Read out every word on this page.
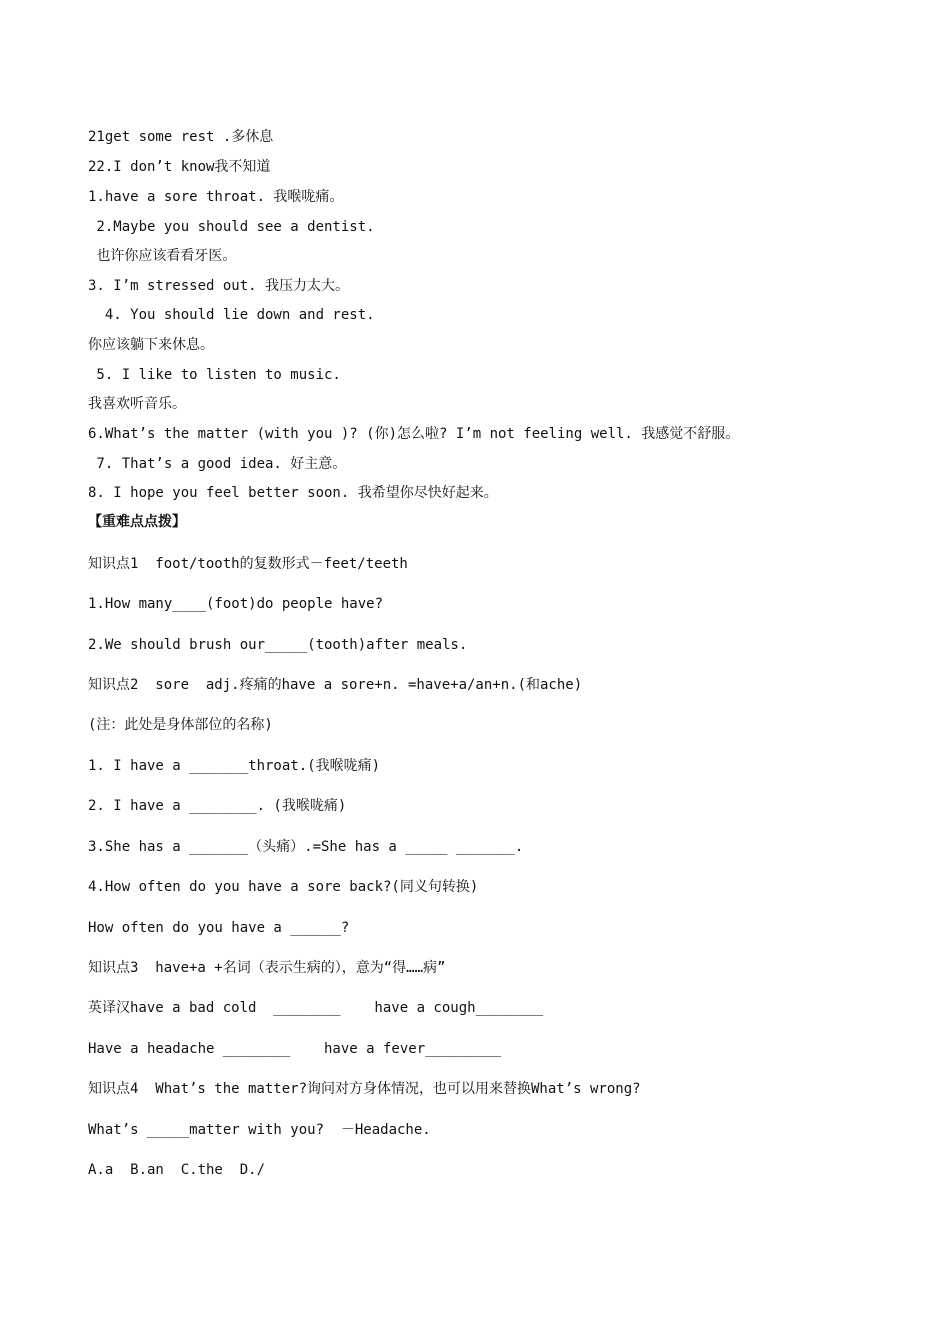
21get some rest .多休息
22.I don’t know我不知道
1.have a sore throat. 我喉咙痛。
2.Maybe you should see a dentist.
也许你应该看看牙医。
3. I’m stressed out. 我压力太大。
4. You should lie down and rest.
你应该躺下来休息。
5. I like to listen to music.
我喜欢听音乐。
6.What’s the matter (with you )? (你)怎么啦? I’m not feeling well. 我感觉不舒服。
7. That’s a good idea. 好主意。
8. I hope you feel better soon. 我希望你尽快好起来。
【重难点点拨】
知识点1  foot/tooth的复数形式－feet/teeth
1.How many____(foot)do people have?
2.We should brush our_____(tooth)after meals.
知识点2  sore  adj.疼痛的have a sore+n. =have+a/an+n.(和ache)
(注：此处是身体部位的名称)
1. I have a _______throat.(我喉咙痛)
2. I have a ________. (我喉咙痛)
3.She has a _______（头痛）.=She has a _____ _______.
4.How often do you have a sore back?(同义句转换)
How often do you have a ______?
知识点3  have+a +名词（表示生病的），意为“得……病”
英译汉have a bad cold  ________    have a cough________
Have a headache ________    have a fever_________
知识点4  What’s the matter?询问对方身体情况，也可以用来替换What’s wrong?
What’s _____matter with you?  －Headache.
A.a  B.an  C.the  D./
